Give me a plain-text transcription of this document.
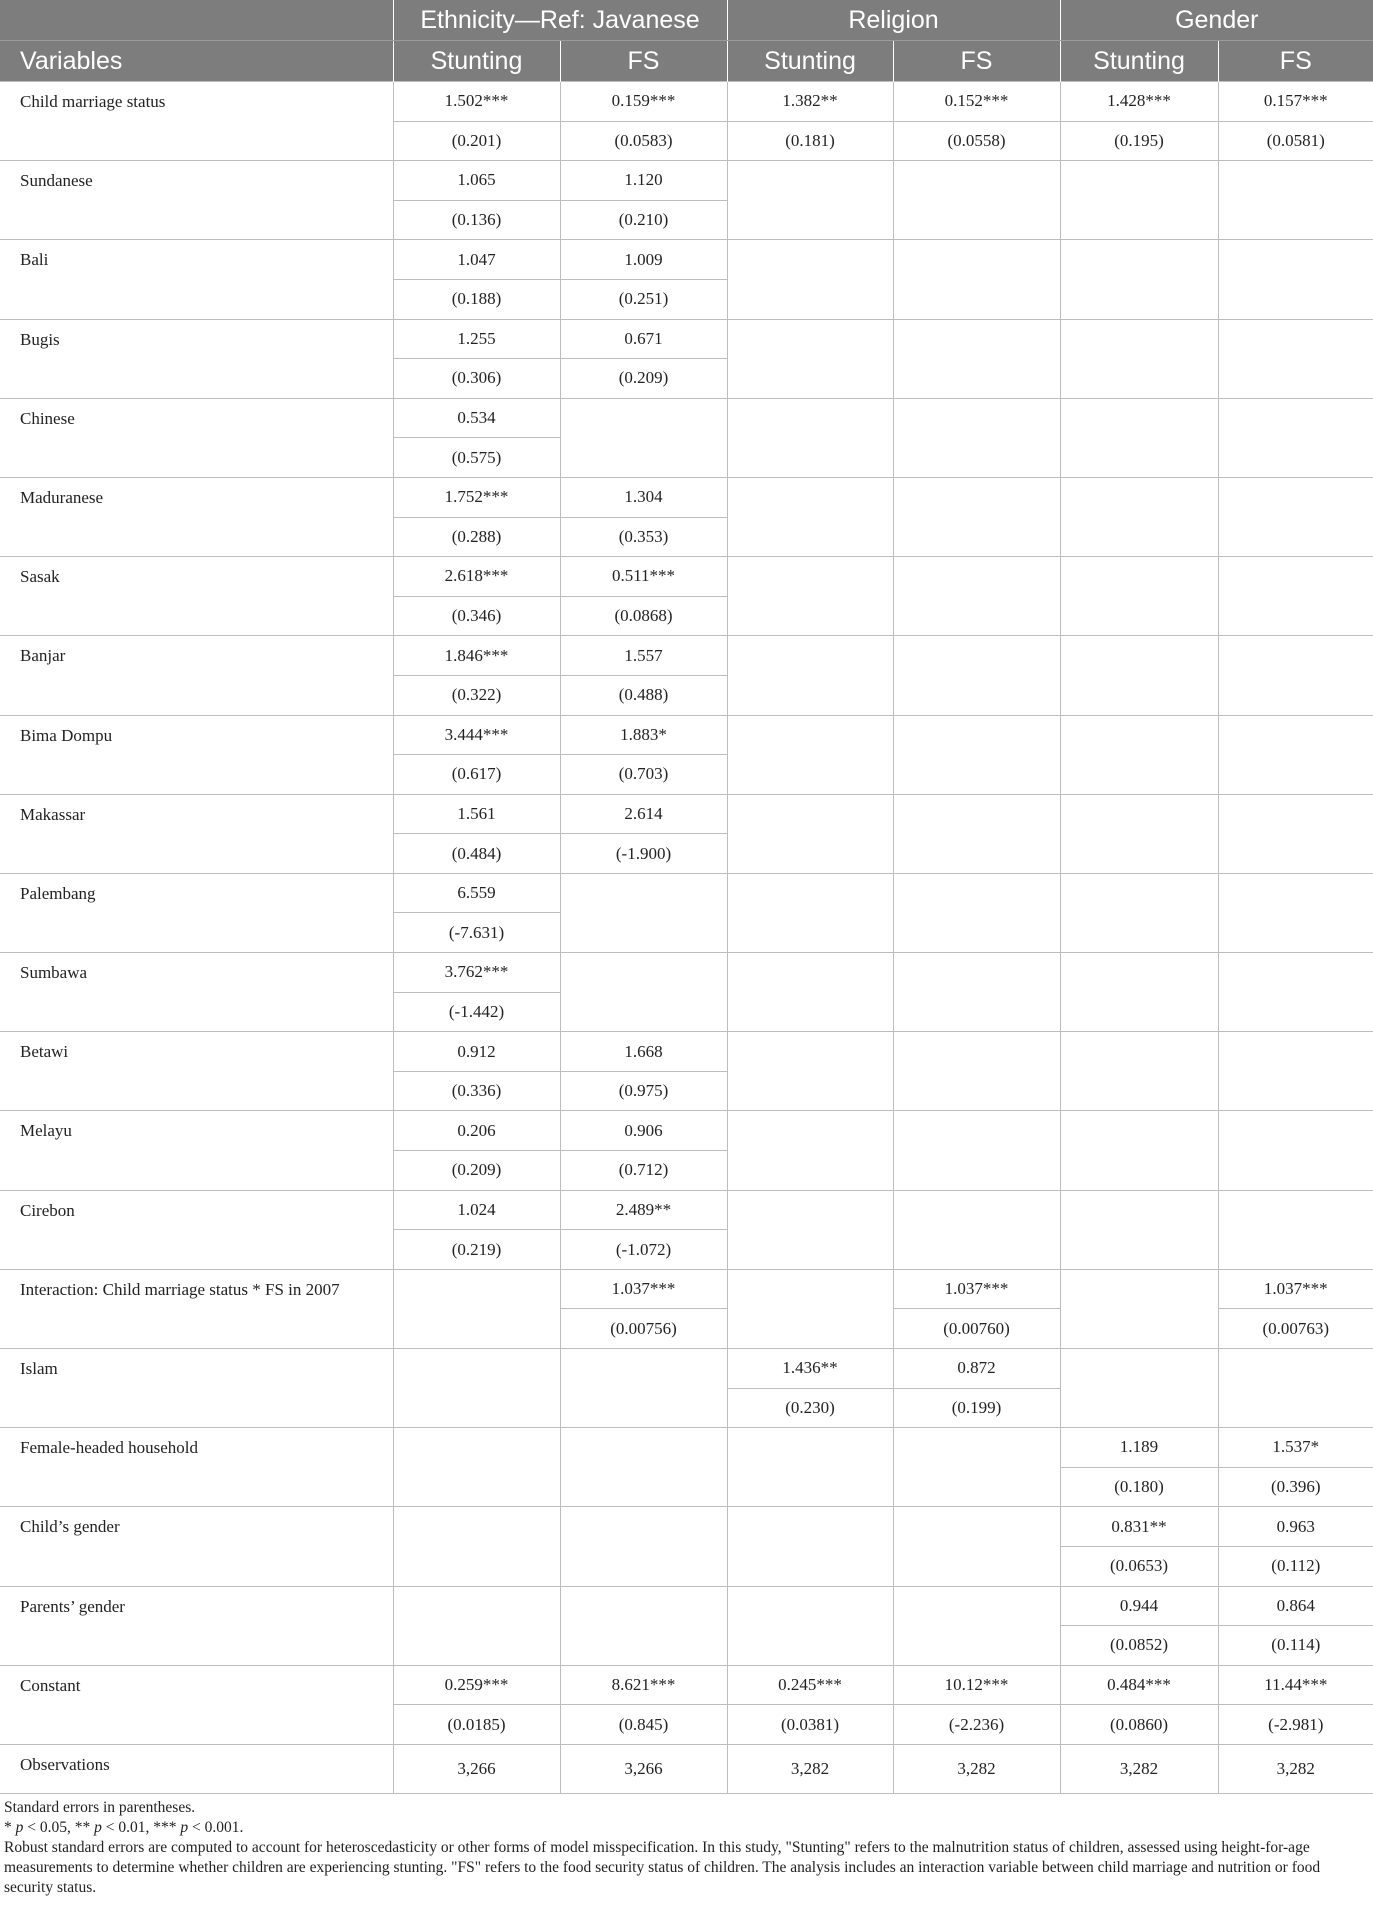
	Ethnicity—Ref: Javanese		Religion		Gender	
Variables	Stunting	FS	Stunting	FS	Stunting	FS
Child marriage status	1.502***	0.159***	1.382**	0.152***	1.428***	0.157***
	(0.201)	(0.0583)	(0.181)	(0.0558)	(0.195)	(0.0581)
Sundanese	1.065	1.120				
	(0.136)	(0.210)				
Bali	1.047	1.009				
	(0.188)	(0.251)				
Bugis	1.255	0.671				
	(0.306)	(0.209)				
Chinese	0.534					
	(0.575)					
Maduranese	1.752***	1.304				
	(0.288)	(0.353)				
Sasak	2.618***	0.511***				
	(0.346)	(0.0868)				
Banjar	1.846***	1.557				
	(0.322)	(0.488)				
Bima Dompu	3.444***	1.883*				
	(0.617)	(0.703)				
Makassar	1.561	2.614				
	(0.484)	(-1.900)				
Palembang	6.559					
	(-7.631)					
Sumbawa	3.762***					
	(-1.442)					
Betawi	0.912	1.668				
	(0.336)	(0.975)				
Melayu	0.206	0.906				
	(0.209)	(0.712)				
Cirebon	1.024	2.489**				
	(0.219)	(-1.072)				
Interaction: Child marriage status * FS in 2007		1.037***		1.037***		1.037***
		(0.00756)		(0.00760)		(0.00763)
Islam			1.436**	0.872		
			(0.230)	(0.199)		
Female-headed household					1.189	1.537*
					(0.180)	(0.396)
Child’s gender					0.831**	0.963
					(0.0653)	(0.112)
Parents’ gender					0.944	0.864
					(0.0852)	(0.114)
Constant	0.259***	8.621***	0.245***	10.12***	0.484***	11.44***
	(0.0185)	(0.845)	(0.0381)	(-2.236)	(0.0860)	(-2.981)
Observations	3,266	3,266	3,282	3,282	3,282	3,282

Standard errors in parentheses.

* p < 0.05, ** p < 0.01, *** p < 0.001.

Robust standard errors are computed to account for heteroscedasticity or other forms of model misspecification. In this study, "Stunting" refers to the malnutrition status of children, assessed using height-for-age measurements to determine whether children are experiencing stunting. "FS" refers to the food security status of children. The analysis includes an interaction variable between child marriage and nutrition or food security status.
